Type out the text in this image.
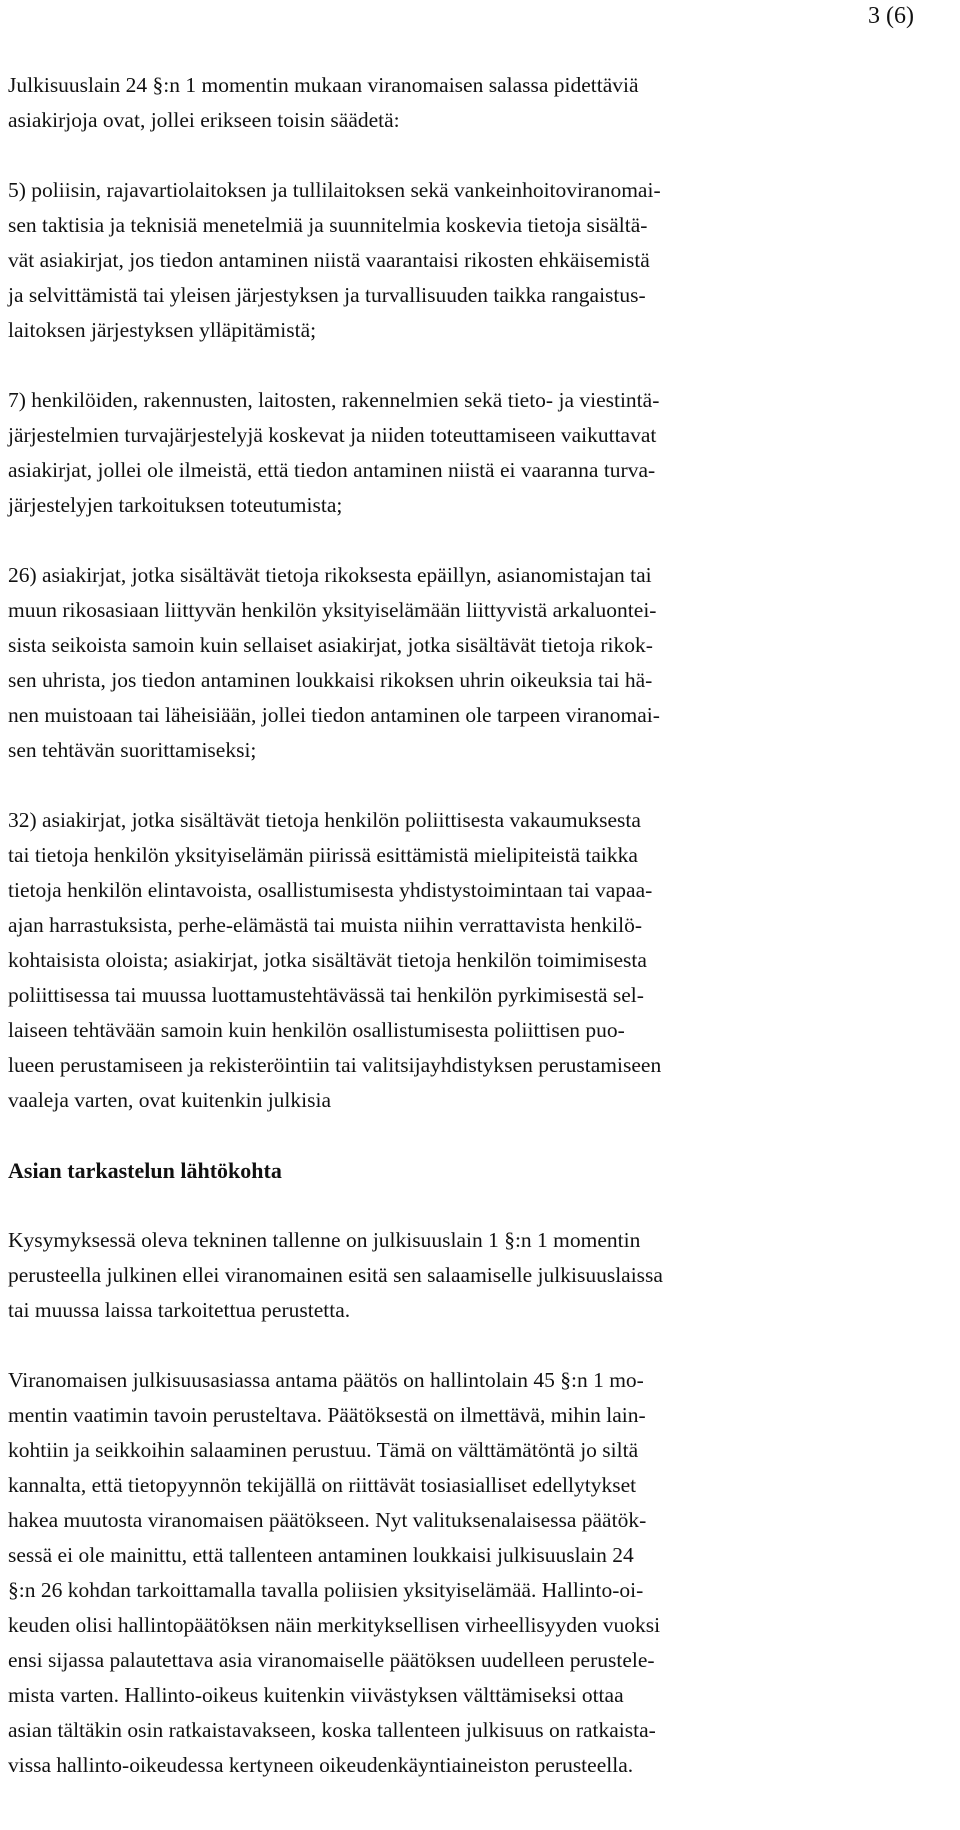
3 (6)
Julkisuuslain 24 §:n 1 momentin mukaan viranomaisen salassa pidettäviä
asiakirjoja ovat, jollei erikseen toisin säädetä:
5) poliisin, rajavartiolaitoksen ja tullilaitoksen sekä vankeinhoitoviranomai-
sen taktisia ja teknisiä menetelmiä ja suunnitelmia koskevia tietoja sisältä-
vät asiakirjat, jos tiedon antaminen niistä vaarantaisi rikosten ehkäisemistä
ja selvittämistä tai yleisen järjestyksen ja turvallisuuden taikka rangaistus-
laitoksen järjestyksen ylläpitämistä;
7) henkilöiden, rakennusten, laitosten, rakennelmien sekä tieto- ja viestintä-
järjestelmien turvajärjestelyjä koskevat ja niiden toteuttamiseen vaikuttavat
asiakirjat, jollei ole ilmeistä, että tiedon antaminen niistä ei vaaranna turva-
järjestelyjen tarkoituksen toteutumista;
26) asiakirjat, jotka sisältävät tietoja rikoksesta epäillyn, asianomistajan tai
muun rikosasiaan liittyvän henkilön yksityiselämään liittyvistä arkaluontei-
sista seikoista samoin kuin sellaiset asiakirjat, jotka sisältävät tietoja rikok-
sen uhrista, jos tiedon antaminen loukkaisi rikoksen uhrin oikeuksia tai hä-
nen muistoaan tai läheisiään, jollei tiedon antaminen ole tarpeen viranomai-
sen tehtävän suorittamiseksi;
32) asiakirjat, jotka sisältävät tietoja henkilön poliittisesta vakaumuksesta
tai tietoja henkilön yksityiselämän piirissä esittämistä mielipiteistä taikka
tietoja henkilön elintavoista, osallistumisesta yhdistystoimintaan tai vapaa-
ajan harrastuksista, perhe-elämästä tai muista niihin verrattavista henkilö-
kohtaisista oloista; asiakirjat, jotka sisältävät tietoja henkilön toimimisesta
poliittisessa tai muussa luottamustehtävässä tai henkilön pyrkimisestä sel-
laiseen tehtävään samoin kuin henkilön osallistumisesta poliittisen puo-
lueen perustamiseen ja rekisteröintiin tai valitsijayhdistyksen perustamiseen
vaaleja varten, ovat kuitenkin julkisia
Asian tarkastelun lähtökohta
Kysymyksessä oleva tekninen tallenne on julkisuuslain 1 §:n 1 momentin
perusteella julkinen ellei viranomainen esitä sen salaamiselle julkisuuslaissa
tai muussa laissa tarkoitettua perustetta.
Viranomaisen julkisuusasiassa antama päätös on hallintolain 45 §:n 1 mo-
mentin vaatimin tavoin perusteltava. Päätöksestä on ilmettävä, mihin lain-
kohtiin ja seikkoihin salaaminen perustuu. Tämä on välttämätöntä jo siltä
kannalta, että tietopyynnön tekijällä on riittävät tosiasialliset edellytykset
hakea muutosta viranomaisen päätökseen. Nyt valituksenalaisessa päätök-
sessä ei ole mainittu, että tallenteen antaminen loukkaisi julkisuuslain 24
§:n 26 kohdan tarkoittamalla tavalla poliisien yksityiselämää. Hallinto-oi-
keuden olisi hallintopäätöksen näin merkityksellisen virheellisyyden vuoksi
ensi sijassa palautettava asia viranomaiselle päätöksen uudelleen perustele-
mista varten. Hallinto-oikeus kuitenkin viivästyksen välttämiseksi ottaa
asian tältäkin osin ratkaistavakseen, koska tallenteen julkisuus on ratkaista-
vissa hallinto-oikeudessa kertyneen oikeudenkäyntiaineiston perusteella.
